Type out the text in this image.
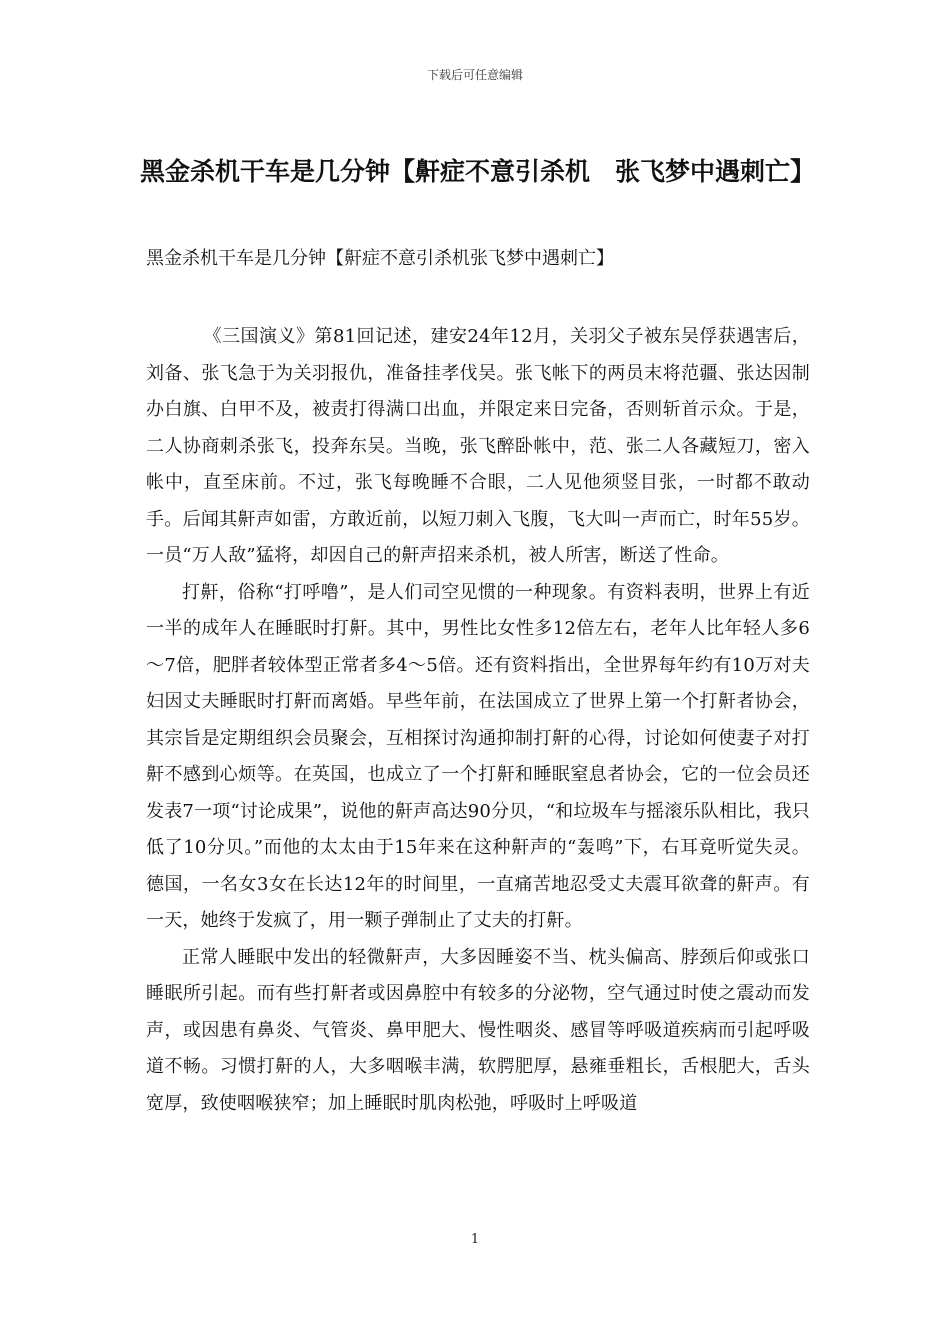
下载后可任意编辑
黑金杀机干车是几分钟【鼾症不意引杀机　张飞梦中遇刺亡】

黑金杀机干车是几分钟【鼾症不意引杀机张飞梦中遇刺亡】

《三国演义》第81回记述，建安24年12月，关羽父子被东吴俘获遇害后，刘备、张飞急于为关羽报仇，准备挂孝伐吴。张飞帐下的两员末将范疆、张达因制办白旗、白甲不及，被责打得满口出血，并限定来日完备，否则斩首示众。于是，二人协商刺杀张飞，投奔东吴。当晚，张飞醉卧帐中，范、张二人各藏短刀，密入帐中，直至床前。不过，张飞每晚睡不合眼，二人见他须竖目张，一时都不敢动手。后闻其鼾声如雷，方敢近前，以短刀刺入飞腹，飞大叫一声而亡，时年55岁。一员“万人敌”猛将，却因自己的鼾声招来杀机，被人所害，断送了性命。

打鼾，俗称“打呼噜”，是人们司空见惯的一种现象。有资料表明，世界上有近一半的成年人在睡眠时打鼾。其中，男性比女性多12倍左右，老年人比年轻人多6～7倍，肥胖者较体型正常者多4～5倍。还有资料指出，全世界每年约有10万对夫妇因丈夫睡眠时打鼾而离婚。早些年前，在法国成立了世界上第一个打鼾者协会，其宗旨是定期组织会员聚会，互相探讨沟通抑制打鼾的心得，讨论如何使妻子对打鼾不感到心烦等。在英国，也成立了一个打鼾和睡眠窒息者协会，它的一位会员还发表7一项“讨论成果”，说他的鼾声高达90分贝，“和垃圾车与摇滚乐队相比，我只低了10分贝。”而他的太太由于15年来在这种鼾声的“轰鸣”下，右耳竟听觉失灵。德国，一名女3女在长达12年的时间里，一直痛苦地忍受丈夫震耳欲聋的鼾声。有一天，她终于发疯了，用一颗子弹制止了丈夫的打鼾。

正常人睡眠中发出的轻微鼾声，大多因睡姿不当、枕头偏高、脖颈后仰或张口睡眠所引起。而有些打鼾者或因鼻腔中有较多的分泌物，空气通过时使之震动而发声，或因患有鼻炎、气管炎、鼻甲肥大、慢性咽炎、感冒等呼吸道疾病而引起呼吸道不畅。习惯打鼾的人，大多咽喉丰满，软腭肥厚，悬雍垂粗长，舌根肥大，舌头宽厚，致使咽喉狭窄；加上睡眠时肌肉松弛，呼吸时上呼吸道

1
